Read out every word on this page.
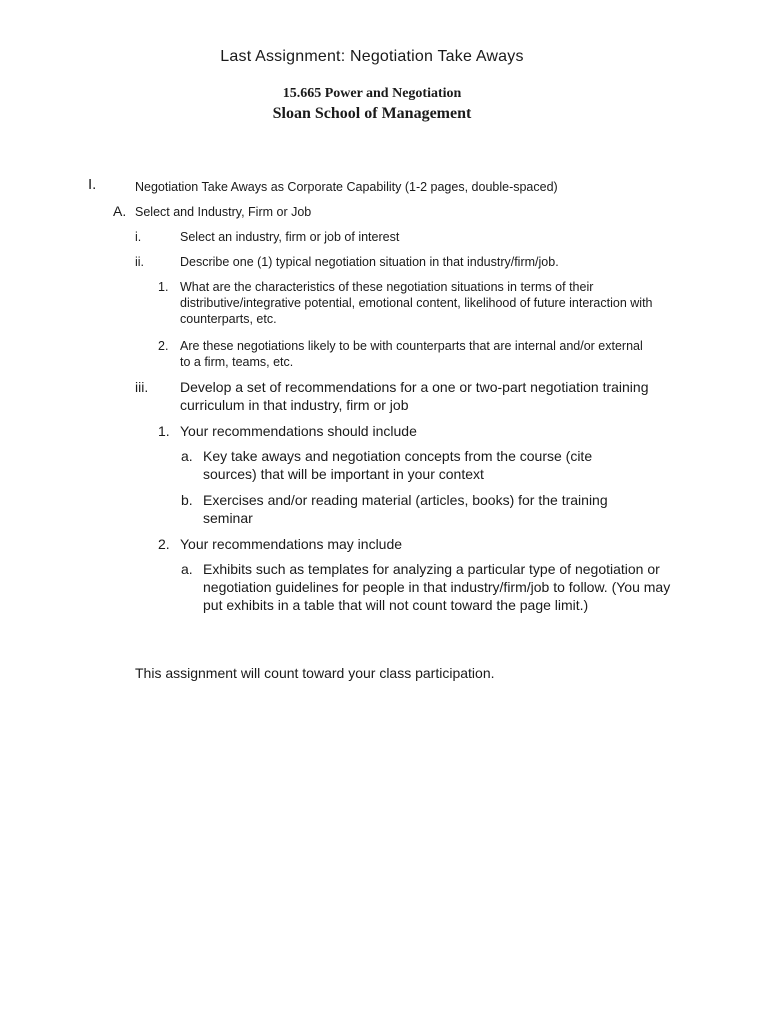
Last Assignment: Negotiation Take Aways
15.665 Power and Negotiation
Sloan School of Management
I.	Negotiation Take Aways as Corporate Capability (1-2 pages, double-spaced)
A. Select and Industry, Firm or Job
i.	Select an industry, firm or job of interest
ii.	Describe one (1) typical negotiation situation in that industry/firm/job.
1. What are the characteristics of these negotiation situations in terms of their distributive/integrative potential, emotional content, likelihood of future interaction with counterparts, etc.
2. Are these negotiations likely to be with counterparts that are internal and/or external to a firm, teams, etc.
iii. Develop a set of recommendations for a one or two-part negotiation training curriculum in that industry, firm or job
1. Your recommendations should include
a. Key take aways and negotiation concepts from the course (cite sources) that will be important in your context
b. Exercises and/or reading material (articles, books) for the training seminar
2. Your recommendations may include
a. Exhibits such as templates for analyzing a particular type of negotiation or negotiation guidelines for people in that industry/firm/job to follow. (You may put exhibits in a table that will not count toward the page limit.)
This assignment will count toward your class participation.
